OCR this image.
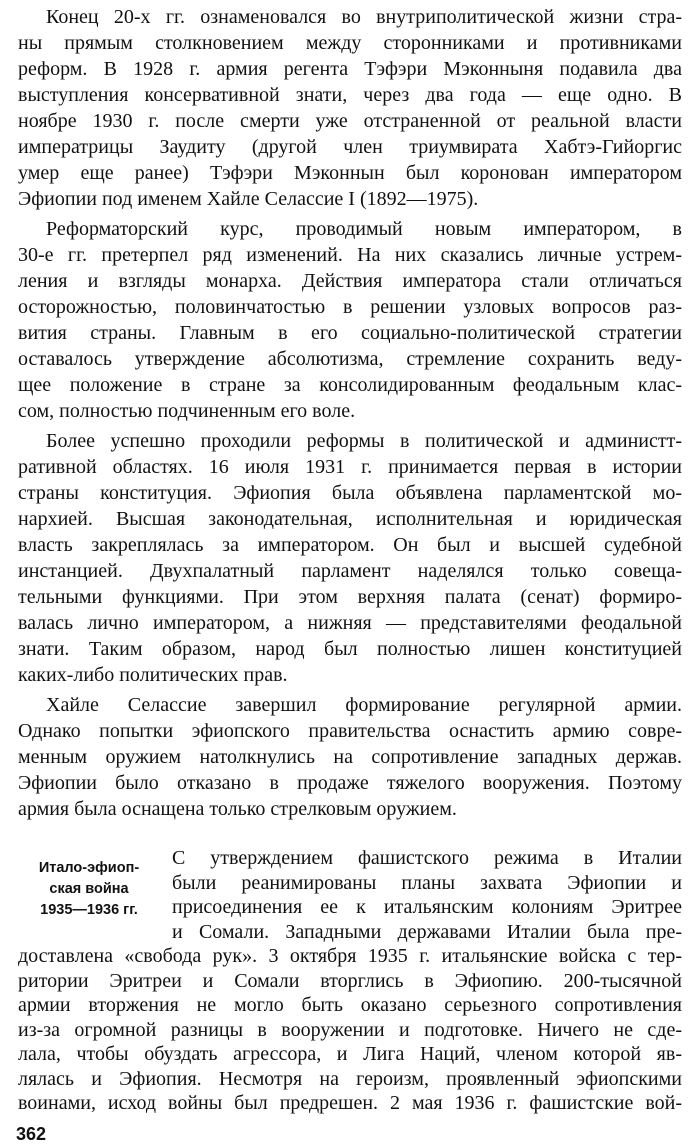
Конец 20-х гг. ознаменовался во внутриполитической жизни стра-
ны прямым столкновением между сторонниками и противниками
реформ. В 1928 г. армия регента Тэфэри Мэконныня подавила два
выступления консервативной знати, через два года — еще одно. В
ноябре 1930 г. после смерти уже отстраненной от реальной власти
императрицы Заудиту (другой член триумвирата Хабтэ-Гийоргис
умер еще ранее) Тэфэри Мэконнын был коронован императором
Эфиопии под именем Хайле Селассие I (1892—1975).
Реформаторский курс, проводимый новым императором, в
30-е гг. претерпел ряд изменений. На них сказались личные устрем-
ления и взгляды монарха. Действия императора стали отличаться
осторожностью, половинчатостью в решении узловых вопросов раз-
вития страны. Главным в его социально-политической стратегии
оставалось утверждение абсолютизма, стремление сохранить веду-
щее положение в стране за консолидированным феодальным клас-
сом, полностью подчиненным его воле.
Более успешно проходили реформы в политической и администт-
ративной областях. 16 июля 1931 г. принимается первая в истории
страны конституция. Эфиопия была объявлена парламентской мо-
нархией. Высшая законодательная, исполнительная и юридическая
власть закреплялась за императором. Он был и высшей судебной
инстанцией. Двухпалатный парламент наделялся только совеща-
тельными функциями. При этом верхняя палата (сенат) формиро-
валась лично императором, а нижняя — представителями феодальной
знати. Таким образом, народ был полностью лишен конституцией
каких-либо политических прав.
Хайле Селассие завершил формирование регулярной армии.
Однако попытки эфиопского правительства оснастить армию совре-
менным оружием натолкнулись на сопротивление западных держав.
Эфиопии было отказано в продаже тяжелого вооружения. Поэтому
армия была оснащена только стрелковым оружием.
Итало-эфиоп-
ская война
1935—1936 гг.
С утверждением фашистского режима в Италии
были реанимированы планы захвата Эфиопии и
присоединения ее к итальянским колониям Эритрее
и Сомали. Западными державами Италии была пре-
доставлена «свобода рук». 3 октября 1935 г. итальянские войска с тер-
ритории Эритреи и Сомали вторглись в Эфиопию. 200-тысячной
армии вторжения не могло быть оказано серьезного сопротивления
из-за огромной разницы в вооружении и подготовке. Ничего не сде-
лала, чтобы обуздать агрессора, и Лига Наций, членом которой яв-
лялась и Эфиопия. Несмотря на героизм, проявленный эфиопскими
воинами, исход войны был предрешен. 2 мая 1936 г. фашистские вой-
362
